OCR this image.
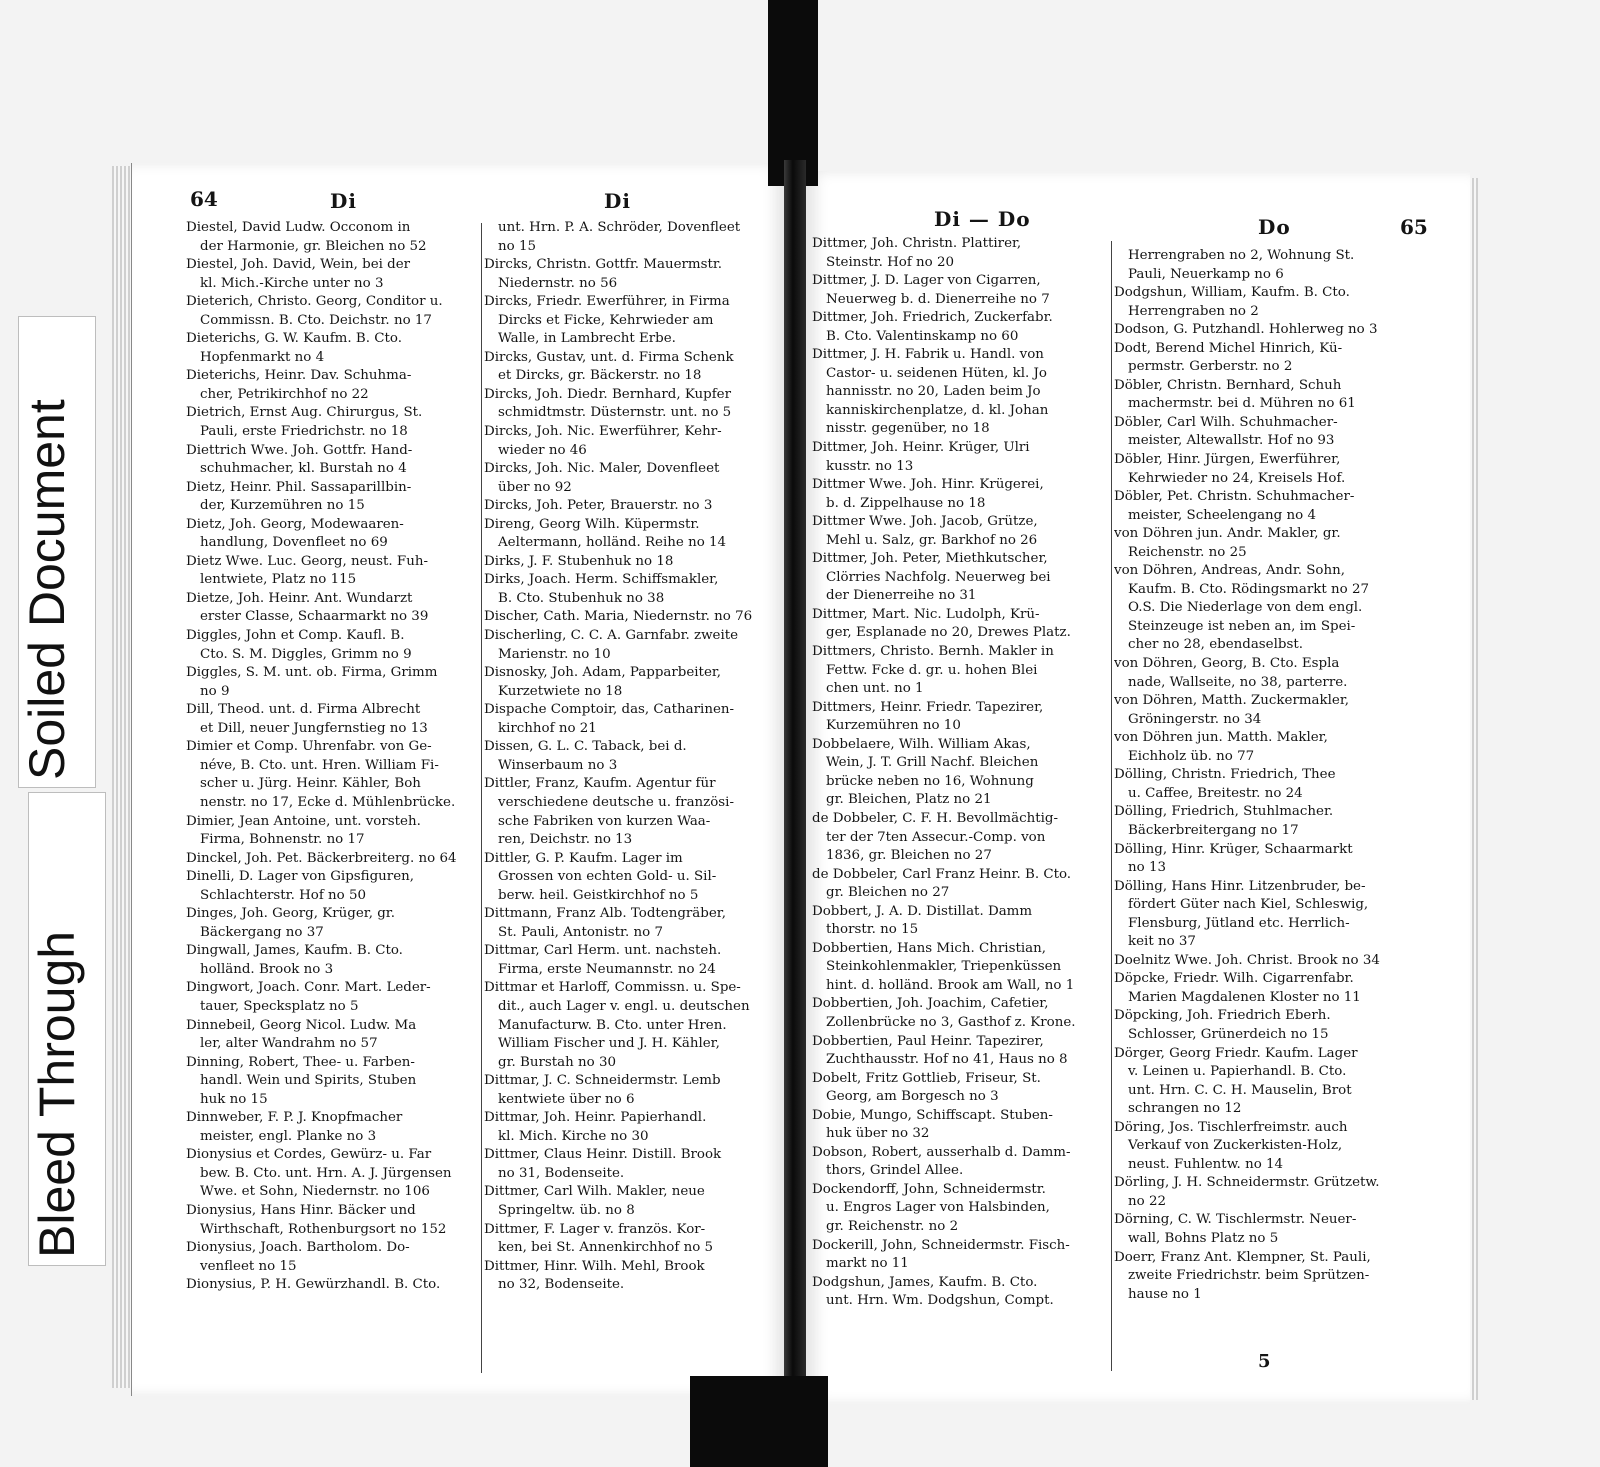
Bleed Through
Soiled Document
64	Di	Di
Diestel, David Ludw. Occonom in
der Harmonie, gr. Bleichen no 52
Diestel, Joh. David, Wein, bei der
kl. Mich.-Kirche unter no 3
Dieterich, Christo. Georg, Conditor u.
Commissn. B. Cto. Deichstr. no 17
Dieterichs, G. W. Kaufm. B. Cto.
Hopfenmarkt no 4
Dieterichs, Heinr. Dav. Schuhma-
cher, Petrikirchhof no 22
Dietrich, Ernst Aug. Chirurgus, St.
Pauli, erste Friedrichstr. no 18
Diettrich Wwe. Joh. Gottfr. Hand-
schuhmacher, kl. Burstah no 4
Dietz, Heinr. Phil. Sassaparillbin-
der, Kurzemühren no 15
Dietz, Joh. Georg, Modewaaren-
handlung, Dovenfleet no 69
Dietz Wwe. Luc. Georg, neust. Fuh-
lentwiete, Platz no 115
Dietze, Joh. Heinr. Ant. Wundarzt
erster Classe, Schaarmarkt no 39
Diggles, John et Comp. Kaufl. B.
Cto. S. M. Diggles, Grimm no 9
Diggles, S. M. unt. ob. Firma, Grimm
no 9
Dill, Theod. unt. d. Firma Albrecht
et Dill, neuer Jungfernstieg no 13
Dimier et Comp. Uhrenfabr. von Ge-
néve, B. Cto. unt. Hren. William Fi-
scher u. Jürg. Heinr. Kähler, Boh
nenstr. no 17, Ecke d. Mühlenbrücke.
Dimier, Jean Antoine, unt. vorsteh.
Firma, Bohnenstr. no 17
Dinckel, Joh. Pet. Bäckerbreiterg. no 64
Dinelli, D. Lager von Gipsfiguren,
Schlachterstr. Hof no 50
Dinges, Joh. Georg, Krüger, gr.
Bäckergang no 37
Dingwall, James, Kaufm. B. Cto.
holländ. Brook no 3
Dingwort, Joach. Conr. Mart. Leder-
tauer, Specksplatz no 5
Dinnebeil, Georg Nicol. Ludw. Ma
ler, alter Wandrahm no 57
Dinning, Robert, Thee- u. Farben-
handl. Wein und Spirits, Stuben
huk no 15
Dinnweber, F. P. J. Knopfmacher
meister, engl. Planke no 3
Dionysius et Cordes, Gewürz- u. Far
bew. B. Cto. unt. Hrn. A. J. Jürgensen
Wwe. et Sohn, Niedernstr. no 106
Dionysius, Hans Hinr. Bäcker und
Wirthschaft, Rothenburgsort no 152
Dionysius, Joach. Bartholom. Do-
venfleet no 15
Dionysius, P. H. Gewürzhandl. B. Cto.
unt. Hrn. P. A. Schröder, Dovenfleet
no 15
Dircks, Christn. Gottfr. Mauermstr.
Niedernstr. no 56
Dircks, Friedr. Ewerführer, in Firma
Dircks et Ficke, Kehrwieder am
Walle, in Lambrecht Erbe.
Dircks, Gustav, unt. d. Firma Schenk
et Dircks, gr. Bäckerstr. no 18
Dircks, Joh. Diedr. Bernhard, Kupfer
schmidtmstr. Düsternstr. unt. no 5
Dircks, Joh. Nic. Ewerführer, Kehr-
wieder no 46
Dircks, Joh. Nic. Maler, Dovenfleet
über no 92
Dircks, Joh. Peter, Brauerstr. no 3
Direng, Georg Wilh. Küpermstr.
Aeltermann, holländ. Reihe no 14
Dirks, J. F. Stubenhuk no 18
Dirks, Joach. Herm. Schiffsmakler,
B. Cto. Stubenhuk no 38
Discher, Cath. Maria, Niedernstr. no 76
Discherling, C. C. A. Garnfabr. zweite
Marienstr. no 10
Disnosky, Joh. Adam, Papparbeiter,
Kurzetwiete no 18
Dispache Comptoir, das, Catharinen-
kirchhof no 21
Dissen, G. L. C. Taback, bei d.
Winserbaum no 3
Dittler, Franz, Kaufm. Agentur für
verschiedene deutsche u. französi-
sche Fabriken von kurzen Waa-
ren, Deichstr. no 13
Dittler, G. P. Kaufm. Lager im
Grossen von echten Gold- u. Sil-
berw. heil. Geistkirchhof no 5
Dittmann, Franz Alb. Todtengräber,
St. Pauli, Antonistr. no 7
Dittmar, Carl Herm. unt. nachsteh.
Firma, erste Neumannstr. no 24
Dittmar et Harloff, Commissn. u. Spe-
dit., auch Lager v. engl. u. deutschen
Manufacturw. B. Cto. unter Hren.
William Fischer und J. H. Kähler,
gr. Burstah no 30
Dittmar, J. C. Schneidermstr. Lemb
kentwiete über no 6
Dittmar, Joh. Heinr. Papierhandl.
kl. Mich. Kirche no 30
Dittmer, Claus Heinr. Distill. Brook
no 31, Bodenseite.
Dittmer, Carl Wilh. Makler, neue
Springeltw. üb. no 8
Dittmer, F. Lager v. französ. Kor-
ken, bei St. Annenkirchhof no 5
Dittmer, Hinr. Wilh. Mehl, Brook
no 32, Bodenseite.
Di — Do	Do	65
Dittmer, Joh. Christn. Plattirer,
Steinstr. Hof no 20
Dittmer, J. D. Lager von Cigarren,
Neuerweg b. d. Dienerreihe no 7
Dittmer, Joh. Friedrich, Zuckerfabr.
B. Cto. Valentinskamp no 60
Dittmer, J. H. Fabrik u. Handl. von
Castor- u. seidenen Hüten, kl. Jo
hannisstr. no 20, Laden beim Jo
kanniskirchenplatze, d. kl. Johan
nisstr. gegenüber, no 18
Dittmer, Joh. Heinr. Krüger, Ulri
kusstr. no 13
Dittmer Wwe. Joh. Hinr. Krügerei,
b. d. Zippelhause no 18
Dittmer Wwe. Joh. Jacob, Grütze,
Mehl u. Salz, gr. Barkhof no 26
Dittmer, Joh. Peter, Miethkutscher,
Clörries Nachfolg. Neuerweg bei
der Dienerreihe no 31
Dittmer, Mart. Nic. Ludolph, Krü-
ger, Esplanade no 20, Drewes Platz.
Dittmers, Christo. Bernh. Makler in
Fettw. Fcke d. gr. u. hohen Blei
chen unt. no 1
Dittmers, Heinr. Friedr. Tapezirer,
Kurzemühren no 10
Dobbelaere, Wilh. William Akas,
Wein, J. T. Grill Nachf. Bleichen
brücke neben no 16, Wohnung
gr. Bleichen, Platz no 21
de Dobbeler, C. F. H. Bevollmächtig-
ter der 7ten Assecur.-Comp. von
1836, gr. Bleichen no 27
de Dobbeler, Carl Franz Heinr. B. Cto.
gr. Bleichen no 27
Dobbert, J. A. D. Distillat. Damm
thorstr. no 15
Dobbertien, Hans Mich. Christian,
Steinkohlenmakler, Triepenküssen
hint. d. holländ. Brook am Wall, no 1
Dobbertien, Joh. Joachim, Cafetier,
Zollenbrücke no 3, Gasthof z. Krone.
Dobbertien, Paul Heinr. Tapezirer,
Zuchthausstr. Hof no 41, Haus no 8
Dobelt, Fritz Gottlieb, Friseur, St.
Georg, am Borgesch no 3
Dobie, Mungo, Schiffscapt. Stuben-
huk über no 32
Dobson, Robert, ausserhalb d. Damm-
thors, Grindel Allee.
Dockendorff, John, Schneidermstr.
u. Engros Lager von Halsbinden,
gr. Reichenstr. no 2
Dockerill, John, Schneidermstr. Fisch-
markt no 11
Dodgshun, James, Kaufm. B. Cto.
unt. Hrn. Wm. Dodgshun, Compt.
Herrengraben no 2, Wohnung St.
Pauli, Neuerkamp no 6
Dodgshun, William, Kaufm. B. Cto.
Herrengraben no 2
Dodson, G. Putzhandl. Hohlerweg no 3
Dodt, Berend Michel Hinrich, Kü-
permstr. Gerberstr. no 2
Döbler, Christn. Bernhard, Schuh
machermstr. bei d. Mühren no 61
Döbler, Carl Wilh. Schuhmacher-
meister, Altewallstr. Hof no 93
Döbler, Hinr. Jürgen, Ewerführer,
Kehrwieder no 24, Kreisels Hof.
Döbler, Pet. Christn. Schuhmacher-
meister, Scheelengang no 4
von Döhren jun. Andr. Makler, gr.
Reichenstr. no 25
von Döhren, Andreas, Andr. Sohn,
Kaufm. B. Cto. Rödingsmarkt no 27
O.S. Die Niederlage von dem engl.
Steinzeuge ist neben an, im Spei-
cher no 28, ebendaselbst.
von Döhren, Georg, B. Cto. Espla
nade, Wallseite, no 38, parterre.
von Döhren, Matth. Zuckermakler,
Gröningerstr. no 34
von Döhren jun. Matth. Makler,
Eichholz üb. no 77
Dölling, Christn. Friedrich, Thee
u. Caffee, Breitestr. no 24
Dölling, Friedrich, Stuhlmacher.
Bäckerbreitergang no 17
Dölling, Hinr. Krüger, Schaarmarkt
no 13
Dölling, Hans Hinr. Litzenbruder, be-
fördert Güter nach Kiel, Schleswig,
Flensburg, Jütland etc. Herrlich-
keit no 37
Doelnitz Wwe. Joh. Christ. Brook no 34
Döpcke, Friedr. Wilh. Cigarrenfabr.
Marien Magdalenen Kloster no 11
Döpcking, Joh. Friedrich Eberh.
Schlosser, Grünerdeich no 15
Dörger, Georg Friedr. Kaufm. Lager
v. Leinen u. Papierhandl. B. Cto.
unt. Hrn. C. C. H. Mauselin, Brot
schrangen no 12
Döring, Jos. Tischlerfreimstr. auch
Verkauf von Zuckerkisten-Holz,
neust. Fuhlentw. no 14
Dörling, J. H. Schneidermstr. Grützetw.
no 22
Dörning, C. W. Tischlermstr. Neuer-
wall, Bohns Platz no 5
Doerr, Franz Ant. Klempner, St. Pauli,
zweite Friedrichstr. beim Sprützen-
hause no 1
5
